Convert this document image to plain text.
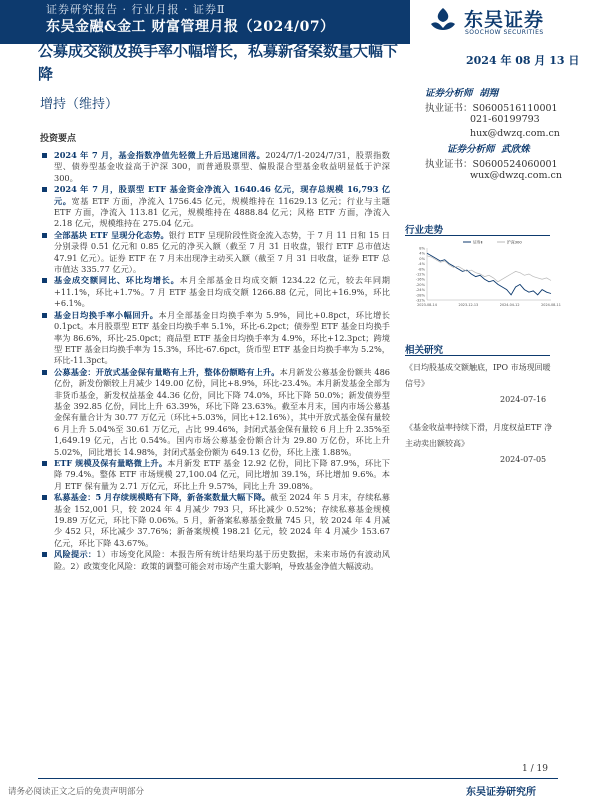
证券研究报告 · 行业月报 · 证券Ⅱ
东吴金融&金工 财富管理月报（2024/07）	东吴证券
SOOCHOW SECURITIES
公募成交额及换手率小幅增长，私募新备案数量大幅下降
2024 年 08 月 13 日
增持（维持）
证券分析师 胡翔
执业证书：S0600516110001
021-60199793
hux@dwzq.com.cn
证券分析师 武欣姝
执业证书：S0600524060001
wux@dwzq.com.cn
行业走势
8%
4%
0%
-4%
-8%
-12%
-16%
-20%
-24%
-28%
-32%
2023-08-14	2023-12-13	2024-04-12	2024-08-11
证券Ⅱ	沪深300
相关研究
《日均股基成交额触底，IPO 市场现回暖信号》
2024-07-16
《基金收益率持续下滑，月度权益ETF 净主动卖出额较高》
2024-07-05
投资要点

2024 年 7 月，基金指数净值先轻微上升后迅速回落。2024/7/1-2024/7/31，股票指数型、债券型基金收益高于沪深 300，而普通股票型、偏股混合型基金收益明显低于沪深 300。

2024 年 7 月，股票型 ETF 基金资金净流入 1640.46 亿元，现存总规模 16,793 亿元。宽基 ETF 方面，净流入 1756.45 亿元，规模维持在 11629.13 亿元；行业与主题 ETF 方面，净流入 113.81 亿元，规模维持在 4888.84 亿元；风格 ETF 方面，净流入 2.18 亿元，规模维持在 275.04 亿元。

全部基块 ETF 呈现分化态势。银行 ETF 呈现阶段性资金流入态势，于 7 月 11 日和 15 日分别录得 0.51 亿元和 0.85 亿元的净买入额（截至 7 月 31 日收盘，银行 ETF 总市值达 47.91 亿元）。证券 ETF 在 7 月未出现净主动买入额（截至 7 月 31 日收盘，证券 ETF 总市值达 335.77 亿元）。

基金成交额同比、环比均增长。本月全部基金日均成交额 1234.22 亿元，较去年同期+11.1%，环比+1.7%。7 月 ETF 基金日均成交额 1266.88 亿元，同比+16.9%，环比+6.1%。

基金日均换手率小幅回升。本月全部基金日均换手率为 5.9%，同比+0.8pct，环比增长 0.1pct。本月股票型 ETF 基金日均换手率 5.1%，环比-6.2pct；债券型 ETF 基金日均换手率为 86.6%，环比-25.0pct；商品型 ETF 基金日均换手率为 4.9%，环比+12.3pct；跨境型 ETF 基金日均换手率为 15.3%，环比-67.6pct，货币型 ETF 基金日均换手率为 5.2%，环比-11.3pct。

公募基金：开放式基金保有量略有上升，整体份额略有上升。本月新发公募基金份额共 486 亿份，新发份额较上月减少 149.00 亿份，同比+8.9%，环比-23.4%。本月新发基金全部为非货币基金，新发权益基金 44.36 亿份，同比下降 74.0%，环比下降 50.0%；新发债券型基金 392.85 亿份，同比上升 63.39%，环比下降 23.63%。截至本月末，国内市场公募基金保有量合计为 30.77 万亿元（环比+5.03%，同比+12.16%），其中开放式基金保有量较 6 月上升 5.04%至 30.61 万亿元，占比 99.46%，封闭式基金保有量较 6 月上升 2.35%至 1,649.19 亿元，占比 0.54%。国内市场公募基金份额合计为 29.80 万亿份，环比上升 5.02%，同比增长 14.98%，封闭式基金份额为 649.13 亿份，环比上涨 1.88%。

ETF 规模及保有量略微上升。本月新发 ETF 基金 12.92 亿份，同比下降 87.9%，环比下降 79.4%。整体 ETF 市场规模 27,100.04 亿元，同比增加 39.1%，环比增加 9.6%。本月 ETF 保有量为 2.71 万亿元，环比上升 9.57%，同比上升 39.08%。

私募基金：5 月存续规模略有下降，新备案数量大幅下降。截至 2024 年 5 月末，存续私募基金 152,001 只，较 2024 年 4 月减少 793 只，环比减少 0.52%；存续私募基金规模 19.89 万亿元，环比下降 0.06%。5 月，新备案私募基金数量 745 只，较 2024 年 4 月减少 452 只，环比减少 37.76%；新备案规模 198.21 亿元，较 2024 年 4 月减少 153.67 亿元，环比下降 43.67%。

风险提示：1）市场变化风险：本报告所有统计结果均基于历史数据，未来市场仍有波动风险。2）政策变化风险：政策的调整可能会对市场产生重大影响，导致基金净值大幅波动。

1 / 19
请务必阅读正文之后的免责声明部分	东吴证券研究所
